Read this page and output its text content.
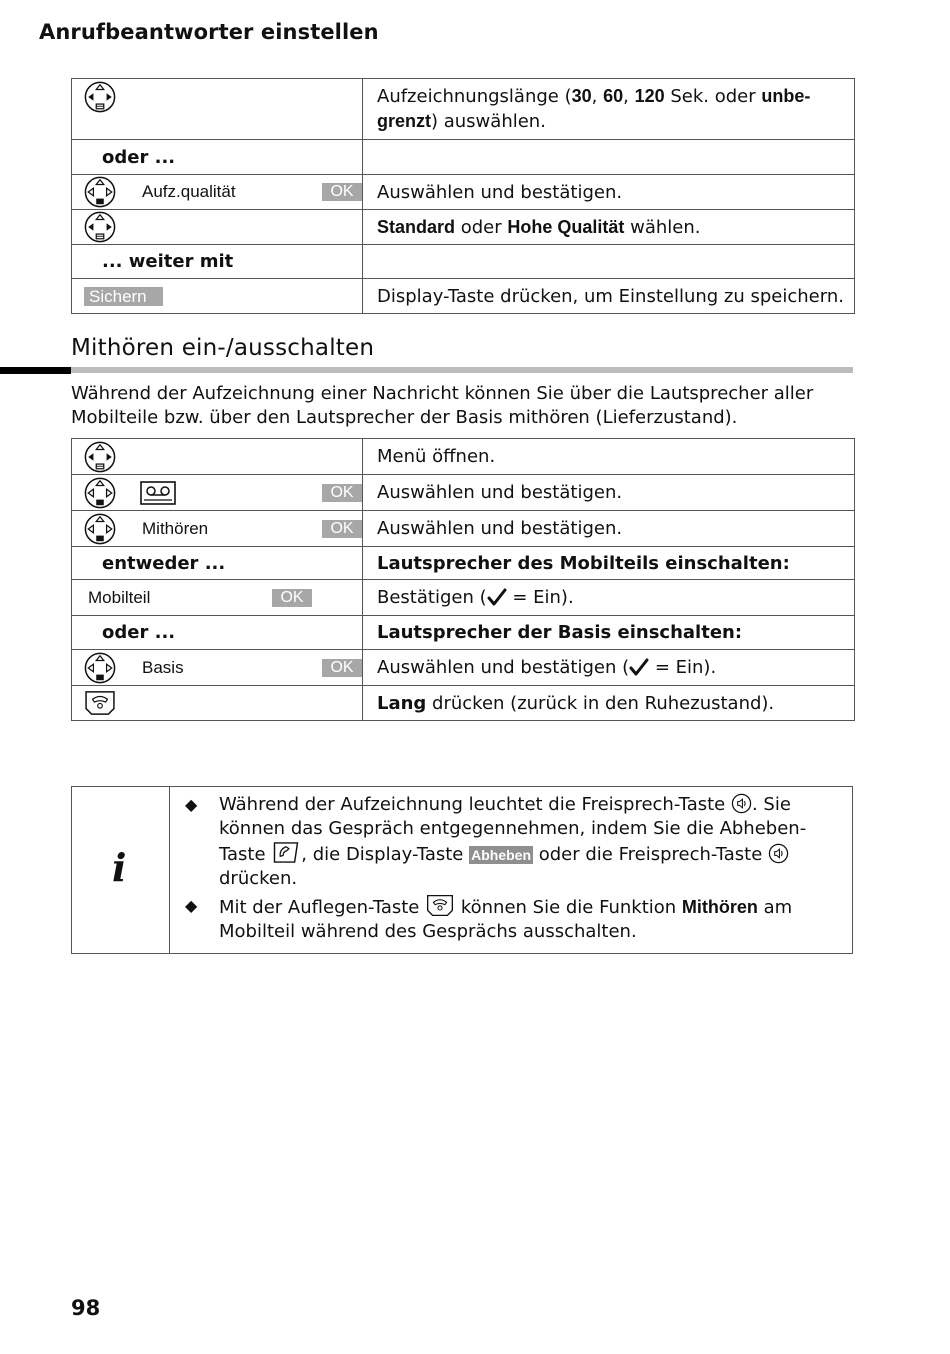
Anrufbeantworter einstellen
	Aufzeichnungslänge (30, 60, 120 Sek. oder unbe-
grenzt) auswählen.
oder ...	

Aufz.qualität OK	Auswählen und bestätigen.

	Standard oder Hohe Qualität wählen.
... weiter mit	
Sichern	Display-Taste drücken, um Einstellung zu speichern.
Mithören ein-/ausschalten
Während der Aufzeichnung einer Nachricht können Sie über die Lautsprecher aller Mobilteile bzw. über den Lautsprecher der Basis mithören (Lieferzustand).
	Menü öffnen.

OK	Auswählen und bestätigen.

Mithören OK	Auswählen und bestätigen.
entweder ...	Lautsprecher des Mobilteils einschalten:

Mobilteil OK	Bestätigen ( = Ein).
oder ...	Lautsprecher der Basis einschalten:

Basis OK	Auswählen und bestätigen ( = Ein).

	Lang drücken (zurück in den Ruhezustand).
i
◆ Während der Aufzeichnung leuchtet die Freisprech-Taste . Sie können das Gespräch entgegennehmen, indem Sie die Abheben-Taste , die Display-Taste Abheben oder die Freisprech-Taste  drücken.
◆ Mit der Auflegen-Taste  können Sie die Funktion Mithören am Mobilteil während des Gesprächs ausschalten.
98
